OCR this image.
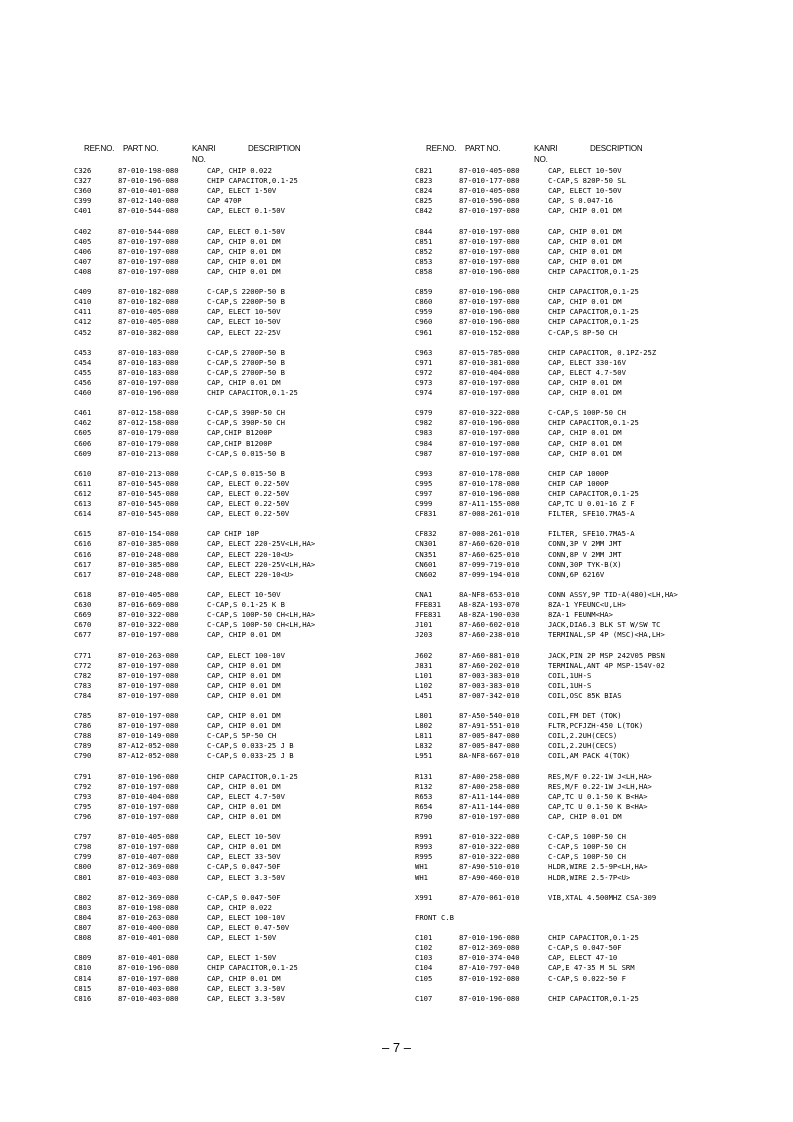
REF.NO. PART NO.	KANRI
NO.
DESCRIPTION	REF.NO. PART NO.	KANRI
NO.
DESCRIPTION
C326	87-010-198-080	CAP, CHIP 0.022
C327	87-010-196-080	CHIP CAPACITOR,0.1-25
C360	87-010-401-080	CAP, ELECT 1-50V
C399	87-012-140-080	CAP 470P
C401	87-010-544-080	CAP, ELECT 0.1-50V
C402	87-010-544-080	CAP, ELECT 0.1-50V
C405	87-010-197-080	CAP, CHIP 0.01 DM
C406	87-010-197-080	CAP, CHIP 0.01 DM
C407	87-010-197-080	CAP, CHIP 0.01 DM
C408	87-010-197-080	CAP, CHIP 0.01 DM
C409	87-010-182-080	C-CAP,S 2200P-50 B
C410	87-010-182-080	C-CAP,S 2200P-50 B
C411	87-010-405-080	CAP, ELECT 10-50V
C412	87-010-405-080	CAP, ELECT 10-50V
C452	87-010-382-080	CAP, ELECT 22-25V
C453	87-010-183-080	C-CAP,S 2700P-50 B
C454	87-010-183-080	C-CAP,S 2700P-50 B
C455	87-010-183-080	C-CAP,S 2700P-50 B
C456	87-010-197-080	CAP, CHIP 0.01 DM
C460	87-010-196-080	CHIP CAPACITOR,0.1-25
C461	87-012-158-080	C-CAP,S 390P-50 CH
C462	87-012-158-080	C-CAP,S 390P-50 CH
C605	87-010-179-080	CAP,CHIP B1200P
C606	87-010-179-080	CAP,CHIP B1200P
C609	87-010-213-080	C-CAP,S 0.015-50 B
C610	87-010-213-080	C-CAP,S 0.015-50 B
C611	87-010-545-080	CAP, ELECT 0.22-50V
C612	87-010-545-080	CAP, ELECT 0.22-50V
C613	87-010-545-080	CAP, ELECT 0.22-50V
C614	87-010-545-080	CAP, ELECT 0.22-50V
C615	87-010-154-080	CAP CHIP 10P
C616	87-010-385-080	CAP, ELECT 220-25V<LH,HA>
C616	87-010-248-080	CAP, ELECT 220-10<U>
C617	87-010-385-080	CAP, ELECT 220-25V<LH,HA>
C617	87-010-248-080	CAP, ELECT 220-10<U>
C618	87-010-405-080	CAP, ELECT 10-50V
C630	87-016-669-080	C-CAP,S 0.1-25 K B
C669	87-010-322-080	C-CAP,S 100P-50 CH<LH,HA>
C670	87-010-322-080	C-CAP,S 100P-50 CH<LH,HA>
C677	87-010-197-080	CAP, CHIP 0.01 DM
C771	87-010-263-080	CAP, ELECT 100-10V
C772	87-010-197-080	CAP, CHIP 0.01 DM
C782	87-010-197-080	CAP, CHIP 0.01 DM
C783	87-010-197-080	CAP, CHIP 0.01 DM
C784	87-010-197-080	CAP, CHIP 0.01 DM
C785	87-010-197-080	CAP, CHIP 0.01 DM
C786	87-010-197-080	CAP, CHIP 0.01 DM
C788	87-010-149-080	C-CAP,S 5P-50 CH
C789	87-A12-052-080	C-CAP,S 0.033-25 J B
C790	87-A12-052-080	C-CAP,S 0.033-25 J B
C791	87-010-196-080	CHIP CAPACITOR,0.1-25
C792	87-010-197-080	CAP, CHIP 0.01 DM
C793	87-010-404-080	CAP, ELECT 4.7-50V
C795	87-010-197-080	CAP, CHIP 0.01 DM
C796	87-010-197-080	CAP, CHIP 0.01 DM
C797	87-010-405-080	CAP, ELECT 10-50V
C798	87-010-197-080	CAP, CHIP 0.01 DM
C799	87-010-407-080	CAP, ELECT 33-50V
C800	87-012-369-080	C-CAP,S 0.047-50F
C801	87-010-403-080	CAP, ELECT 3.3-50V
C802	87-012-369-080	C-CAP,S 0.047-50F
C803	87-010-198-080	CAP, CHIP 0.022
C804	87-010-263-080	CAP, ELECT 100-10V
C807	87-010-400-080	CAP, ELECT 0.47-50V
C808	87-010-401-080	CAP, ELECT 1-50V
C809	87-010-401-080	CAP, ELECT 1-50V
C810	87-010-196-080	CHIP CAPACITOR,0.1-25
C814	87-010-197-080	CAP, CHIP 0.01 DM
C815	87-010-403-080	CAP, ELECT 3.3-50V
C816	87-010-403-080	CAP, ELECT 3.3-50V
C821	87-010-405-080	CAP, ELECT 10-50V
C823	87-010-177-080	C-CAP,S 820P-50 SL
C824	87-010-405-080	CAP, ELECT 10-50V
C825	87-010-596-080	CAP, S 0.047-16
C842	87-010-197-080	CAP, CHIP 0.01 DM
C844	87-010-197-080	CAP, CHIP 0.01 DM
C851	87-010-197-080	CAP, CHIP 0.01 DM
C852	87-010-197-080	CAP, CHIP 0.01 DM
C853	87-010-197-080	CAP, CHIP 0.01 DM
C858	87-010-196-080	CHIP CAPACITOR,0.1-25
C859	87-010-196-080	CHIP CAPACITOR,0.1-25
C860	87-010-197-080	CAP, CHIP 0.01 DM
C959	87-010-196-080	CHIP CAPACITOR,0.1-25
C960	87-010-196-080	CHIP CAPACITOR,0.1-25
C961	87-010-152-080	C-CAP,S 8P-50 CH
C963	87-015-785-080	CHIP CAPACITOR, 0.1PZ-25Z
C971	87-010-381-080	CAP, ELECT 330-16V
C972	87-010-404-080	CAP, ELECT 4.7-50V
C973	87-010-197-080	CAP, CHIP 0.01 DM
C974	87-010-197-080	CAP, CHIP 0.01 DM
C979	87-010-322-080	C-CAP,S 100P-50 CH
C982	87-010-196-080	CHIP CAPACITOR,0.1-25
C983	87-010-197-080	CAP, CHIP 0.01 DM
C984	87-010-197-080	CAP, CHIP 0.01 DM
C987	87-010-197-080	CAP, CHIP 0.01 DM
C993	87-010-178-080	CHIP CAP 1000P
C995	87-010-178-080	CHIP CAP 1000P
C997	87-010-196-080	CHIP CAPACITOR,0.1-25
C999	87-A11-155-080	CAP,TC U 0.01-16 Z F
CF831	87-008-261-010	FILTER, SFE10.7MA5-A
CF832	87-008-261-010	FILTER, SFE10.7MA5-A
CN301	87-A60-620-010	CONN,3P V 2MM JMT
CN351	87-A60-625-010	CONN,8P V 2MM JMT
CN601	87-099-719-010	CONN,30P TYK-B(X)
CN602	87-099-194-010	CONN,6P 6216V
CNA1	8A-NF8-653-010	CONN ASSY,9P TID-A(480)<LH,HA>
FFE831	A8-8ZA-193-070	8ZA-1 YFEUNC<U,LH>
FFE831	A8-8ZA-190-030	8ZA-1 FEUNM<HA>
J101	87-A60-602-010	JACK,DIA6.3 BLK ST W/SW TC
J203	87-A60-238-010	TERMINAL,SP 4P (MSC)<HA,LH>
J602	87-A60-881-010	JACK,PIN 2P MSP 242V05 PBSN
J831	87-A60-202-010	TERMINAL,ANT 4P MSP-154V-02
L101	87-003-383-010	COIL,1UH-S
L102	87-003-383-010	COIL,1UH-S
L451	87-007-342-010	COIL,OSC 85K BIAS
L801	87-A50-540-010	COIL,FM DET (TOK)
L802	87-A91-551-010	FLTR,PCFJZH-450 L(TOK)
L811	87-005-847-080	COIL,2.2UH(CECS)
L832	87-005-847-080	COIL,2.2UH(CECS)
L951	8A-NF8-667-010	COIL,AM PACK 4(TOK)
R131	87-A00-258-080	RES,M/F 0.22-1W J<LH,HA>
R132	87-A00-258-080	RES,M/F 0.22-1W J<LH,HA>
R653	87-A11-144-080	CAP,TC U 0.1-50 K B<HA>
R654	87-A11-144-080	CAP,TC U 0.1-50 K B<HA>
R790	87-010-197-080	CAP, CHIP 0.01 DM
R991	87-010-322-080	C-CAP,S 100P-50 CH
R993	87-010-322-080	C-CAP,S 100P-50 CH
R995	87-010-322-080	C-CAP,S 100P-50 CH
WH1	87-A90-510-010	HLDR,WIRE 2.5-9P<LH,HA>
WH1	87-A90-460-010	HLDR,WIRE 2.5-7P<U>
X991	87-A70-061-010	VIB,XTAL 4.500MHZ CSA-309
FRONT C.B
C101	87-010-196-080	CHIP CAPACITOR,0.1-25
C102	87-012-369-080	C-CAP,S 0.047-50F
C103	87-010-374-040	CAP, ELECT 47-10
C104	87-A10-797-040	CAP,E 47-35 M 5L SRM
C105	87-010-192-080	C-CAP,S 0.022-50 F
C107	87-010-196-080	CHIP CAPACITOR,0.1-25
– 7 –
